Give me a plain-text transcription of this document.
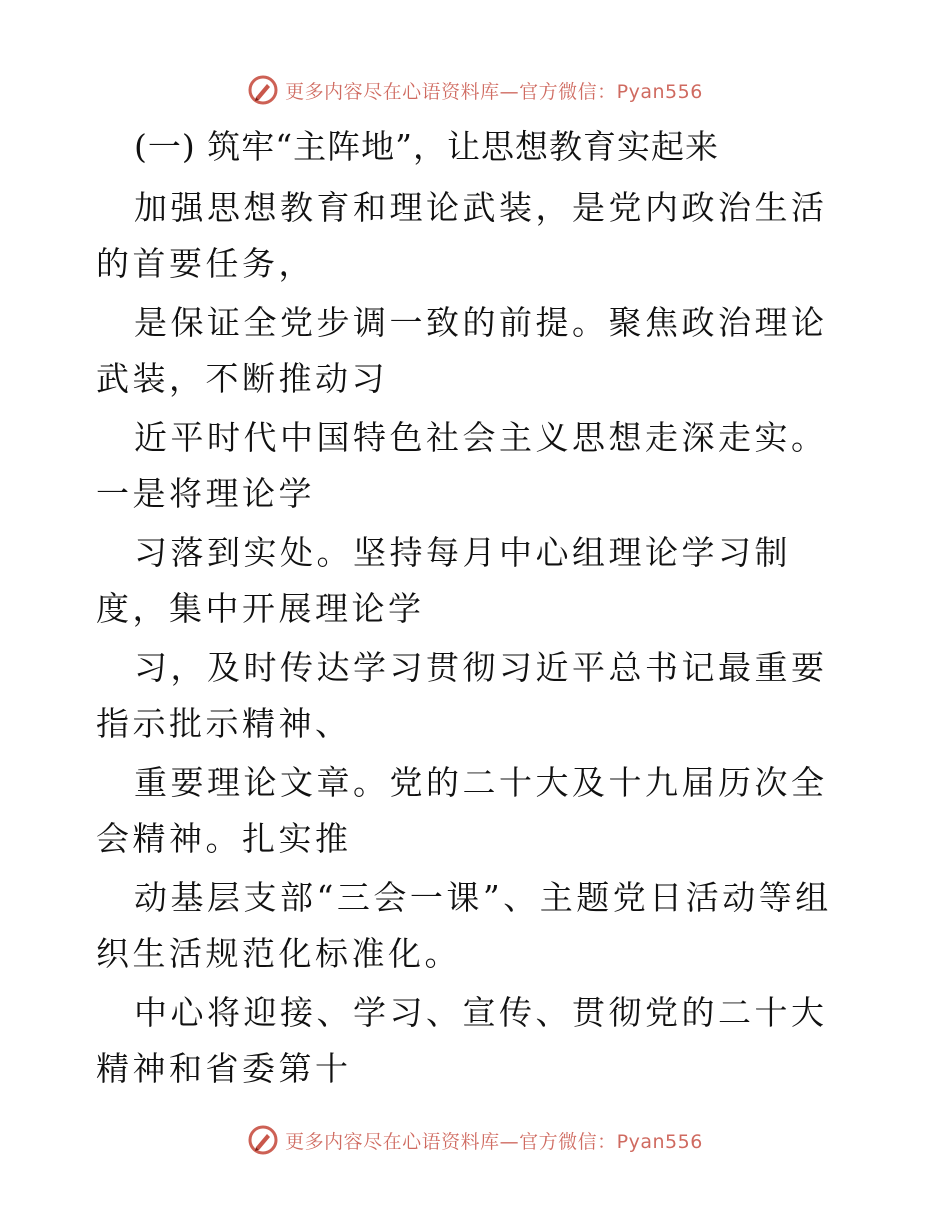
更多内容尽在心语资料库—官方微信：Pyan556
(一) 筑牢“主阵地”，让思想教育实起来

加强思想教育和理论武装，是党内政治生活的首要任务，

是保证全党步调一致的前提。聚焦政治理论武装，不断推动习

近平时代中国特色社会主义思想走深走实。一是将理论学

习落到实处。坚持每月中心组理论学习制度，集中开展理论学

习，及时传达学习贯彻习近平总书记最重要指示批示精神、

重要理论文章。党的二十大及十九届历次全会精神。扎实推

动基层支部“三会一课”、主题党日活动等组织生活规范化标准化。

中心将迎接、学习、宣传、贯彻党的二十大精神和省委第十

更多内容尽在心语资料库—官方微信：Pyan556
